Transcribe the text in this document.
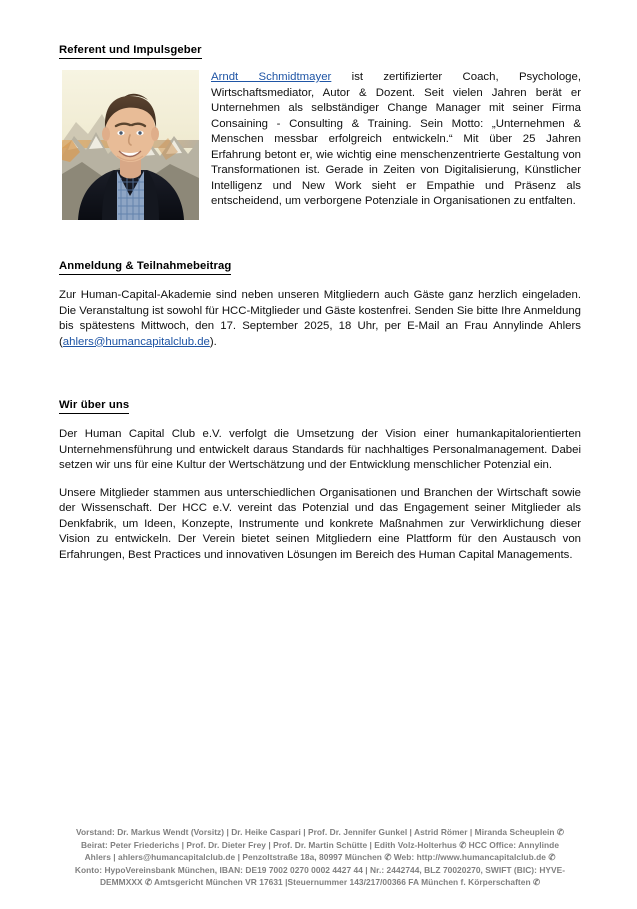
Referent und Impulsgeber
Arndt Schmidtmayer ist zertifizierter Coach, Psychologe, Wirtschaftsmediator, Autor & Dozent. Seit vielen Jahren berät er Unternehmen als selbständiger Change Manager mit seiner Firma Consaining - Consulting & Training. Sein Motto: „Unternehmen & Menschen messbar erfolgreich entwickeln.“ Mit über 25 Jahren Erfahrung betont er, wie wichtig eine menschenzentrierte Gestaltung von Transformationen ist. Gerade in Zeiten von Digitalisierung, Künstlicher Intelligenz und New Work sieht er Empathie und Präsenz als entscheidend, um verborgene Potenziale in Organisationen zu entfalten.
Anmeldung & Teilnahmebeitrag

Zur Human-Capital-Akademie sind neben unseren Mitgliedern auch Gäste ganz herzlich eingeladen. Die Veranstaltung ist sowohl für HCC-Mitglieder und Gäste kostenfrei. Senden Sie bitte Ihre Anmeldung bis spätestens Mittwoch, den 17. September 2025, 18 Uhr, per E-Mail an Frau Annylinde Ahlers (ahlers@humancapitalclub.de).

Wir über uns

Der Human Capital Club e.V. verfolgt die Umsetzung der Vision einer humankapitalorientierten Unternehmensführung und entwickelt daraus Standards für nachhaltiges Personalmanagement. Dabei setzen wir uns für eine Kultur der Wertschätzung und der Entwicklung menschlicher Potenzial ein.

Unsere Mitglieder stammen aus unterschiedlichen Organisationen und Branchen der Wirtschaft sowie der Wissenschaft. Der HCC e.V. vereint das Potenzial und das Engagement seiner Mitglieder als Denkfabrik, um Ideen, Konzepte, Instrumente und konkrete Maßnahmen zur Verwirklichung dieser Vision zu entwickeln. Der Verein bietet seinen Mitgliedern eine Plattform für den Austausch von Erfahrungen, Best Practices und innovativen Lösungen im Bereich des Human Capital Managements.

Vorstand: Dr. Markus Wendt (Vorsitz) | Dr. Heike Caspari | Prof. Dr. Jennifer Gunkel | Astrid Römer | Miranda Scheuplein ✆
Beirat: Peter Friederichs | Prof. Dr. Dieter Frey | Prof. Dr. Martin Schütte | Edith Volz-Holterhus ✆ HCC Office: Annylinde
Ahlers | ahlers@humancapitalclub.de | Penzoltstraße 18a, 80997 München ✆ Web: http://www.humancapitalclub.de ✆
Konto: HypoVereinsbank München, IBAN: DE19 7002 0270 0002 4427 44 | Nr.: 2442744, BLZ 70020270, SWIFT (BIC): HYVE-
DEMMXXX ✆ Amtsgericht München VR 17631 |Steuernummer 143/217/00366 FA München f. Körperschaften ✆
